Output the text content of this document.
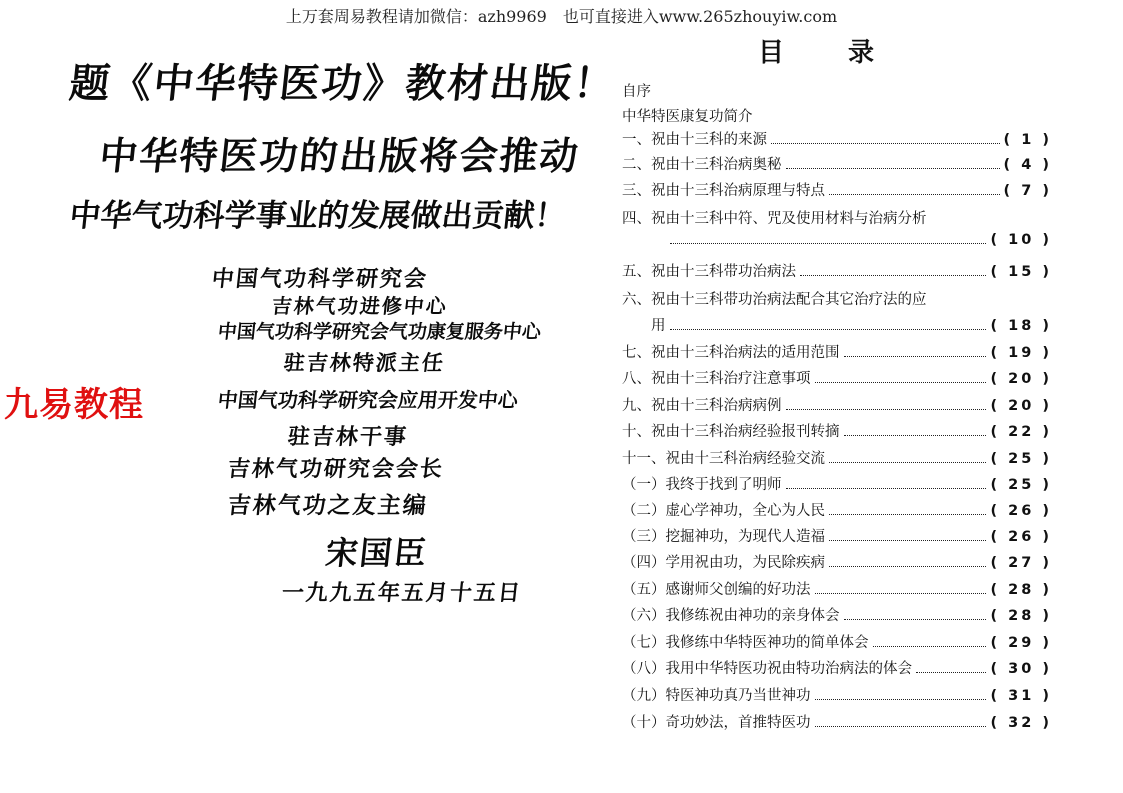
上万套周易教程请加微信：azh9969　也可直接进入www.265zhouyiw.com
题《中华特医功》教材出版！
中华特医功的出版将会推动
中华气功科学事业的发展做出贡献！
中国气功科学研究会
吉林气功进修中心
中国气功科学研究会气功康复服务中心
驻吉林特派主任
中国气功科学研究会应用开发中心
驻吉林干事
吉林气功研究会会长
吉林气功之友主编
宋国臣
一九九五年五月十五日
九易教程
目录
自序
中华特医康复功简介
一、祝由十三科的来源	( 1 )
二、祝由十三科治病奥秘	( 4 )
三、祝由十三科治病原理与特点	( 7 )
四、祝由十三科中符、咒及使用材料与治病分析
( 10 )
五、祝由十三科带功治病法	( 15 )
六、祝由十三科带功治病法配合其它治疗法的应
　　用	( 18 )
七、祝由十三科治病法的适用范围	( 19 )
八、祝由十三科治疗注意事项	( 20 )
九、祝由十三科治病病例	( 20 )
十、祝由十三科治病经验报刊转摘	( 22 )
十一、祝由十三科治病经验交流	( 25 )
（一）我终于找到了明师	( 25 )
（二）虚心学神功，全心为人民	( 26 )
（三）挖掘神功，为现代人造福	( 26 )
（四）学用祝由功，为民除疾病	( 27 )
（五）感谢师父创编的好功法	( 28 )
（六）我修练祝由神功的亲身体会	( 28 )
（七）我修练中华特医神功的简单体会	( 29 )
（八）我用中华特医功祝由特功治病法的体会	( 30 )
（九）特医神功真乃当世神功	( 31 )
（十）奇功妙法，首推特医功	( 32 )
